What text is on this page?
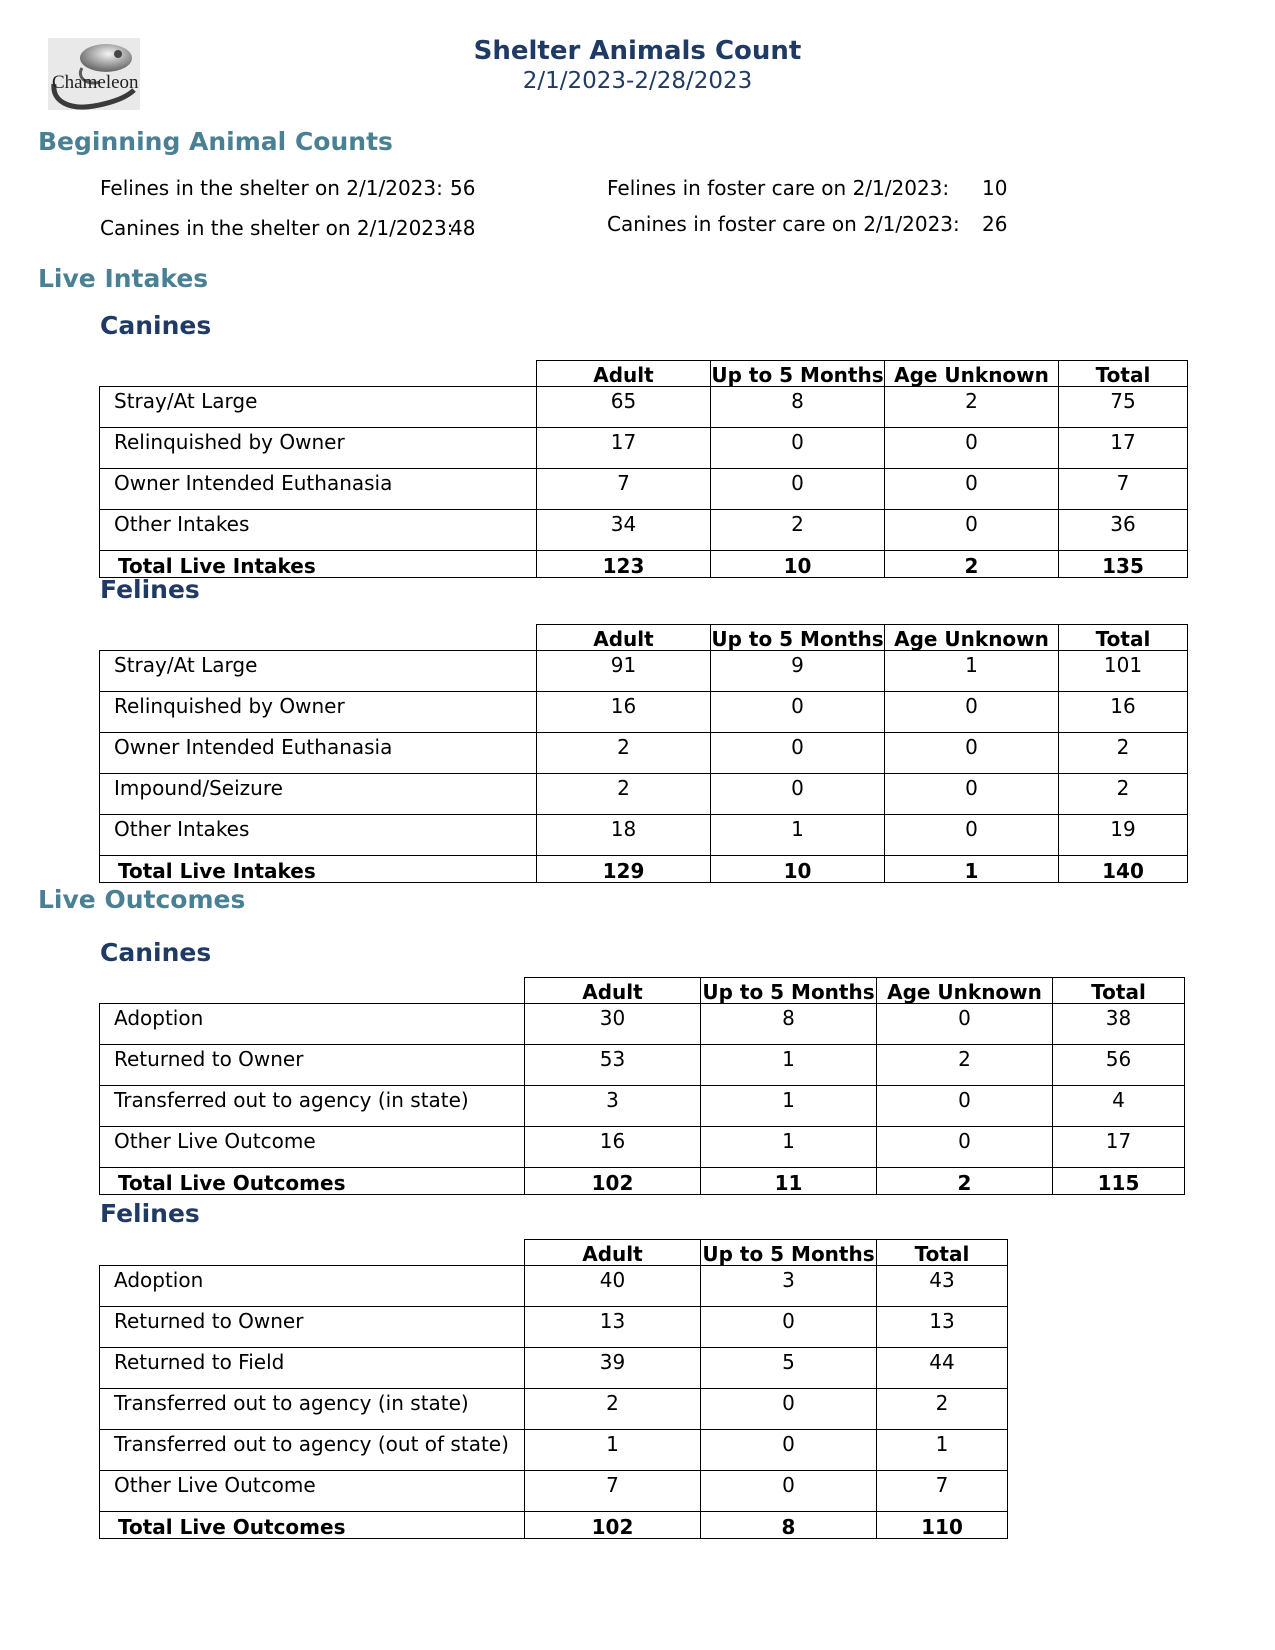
Chameleon
Shelter Animals Count
2/1/2023-2/28/2023
Beginning Animal Counts
Felines in the shelter on 2/1/2023: 56
Canines in the shelter on 2/1/2023:
48
Felines in foster care on 2/1/2023: 10
Canines in foster care on 2/1/2023: 26
Live Intakes
Canines
	Adult	Up to 5 Months	Age Unknown	Total
Stray/At Large	65	8	2	75
Relinquished by Owner	17	0	0	17
Owner Intended Euthanasia	7	0	0	7
Other Intakes	34	2	0	36
Total Live Intakes	123	10	2	135
Felines
	Adult	Up to 5 Months	Age Unknown	Total
Stray/At Large	91	9	1	101
Relinquished by Owner	16	0	0	16
Owner Intended Euthanasia	2	0	0	2
Impound/Seizure	2	0	0	2
Other Intakes	18	1	0	19
Total Live Intakes	129	10	1	140
Live Outcomes
Canines
	Adult	Up to 5 Months	Age Unknown	Total
Adoption	30	8	0	38
Returned to Owner	53	1	2	56
Transferred out to agency (in state)	3	1	0	4
Other Live Outcome	16	1	0	17
Total Live Outcomes	102	11	2	115
Felines
	Adult	Up to 5 Months	Total
Adoption	40	3	43
Returned to Owner	13	0	13
Returned to Field	39	5	44
Transferred out to agency (in state)	2	0	2
Transferred out to agency (out of state)	1	0	1
Other Live Outcome	7	0	7
Total Live Outcomes	102	8	110
